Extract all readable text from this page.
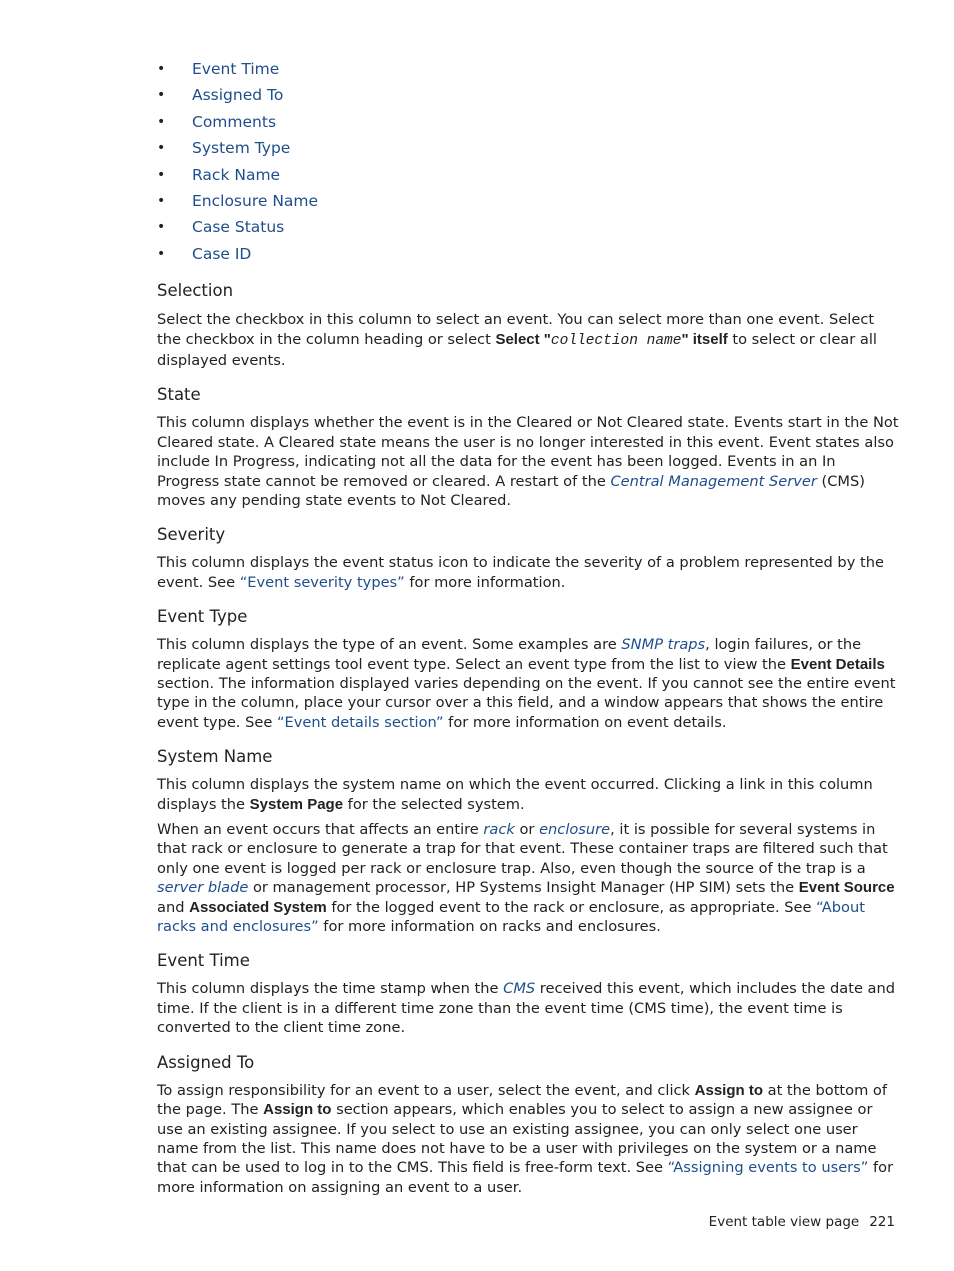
• Event Time
• Assigned To
• Comments
• System Type
• Rack Name
• Enclosure Name
• Case Status
• Case ID
Selection

Select the checkbox in this column to select an event. You can select more than one event. Select the checkbox in the column heading or select Select "collection name" itself to select or clear all displayed events.

State

This column displays whether the event is in the Cleared or Not Cleared state. Events start in the Not Cleared state. A Cleared state means the user is no longer interested in this event. Event states also include In Progress, indicating not all the data for the event has been logged. Events in an In Progress state cannot be removed or cleared. A restart of the Central Management Server (CMS) moves any pending state events to Not Cleared.

Severity

This column displays the event status icon to indicate the severity of a problem represented by the event. See “Event severity types” for more information.

Event Type

This column displays the type of an event. Some examples are SNMP traps, login failures, or the replicate agent settings tool event type. Select an event type from the list to view the Event Details section. The information displayed varies depending on the event. If you cannot see the entire event type in the column, place your cursor over a this field, and a window appears that shows the entire event type. See “Event details section” for more information on event details.

System Name

This column displays the system name on which the event occurred. Clicking a link in this column displays the System Page for the selected system.

When an event occurs that affects an entire rack or enclosure, it is possible for several systems in that rack or enclosure to generate a trap for that event. These container traps are filtered such that only one event is logged per rack or enclosure trap. Also, even though the source of the trap is a server blade or management processor, HP Systems Insight Manager (HP SIM) sets the Event Source and Associated System for the logged event to the rack or enclosure, as appropriate. See “About racks and enclosures” for more information on racks and enclosures.

Event Time

This column displays the time stamp when the CMS received this event, which includes the date and time. If the client is in a different time zone than the event time (CMS time), the event time is converted to the client time zone.

Assigned To

To assign responsibility for an event to a user, select the event, and click Assign to at the bottom of the page. The Assign to section appears, which enables you to select to assign a new assignee or use an existing assignee. If you select to use an existing assignee, you can only select one user name from the list. This name does not have to be a user with privileges on the system or a name that can be used to log in to the CMS. This field is free-form text. See “Assigning events to users” for more information on assigning an event to a user.

Event table view page 221
